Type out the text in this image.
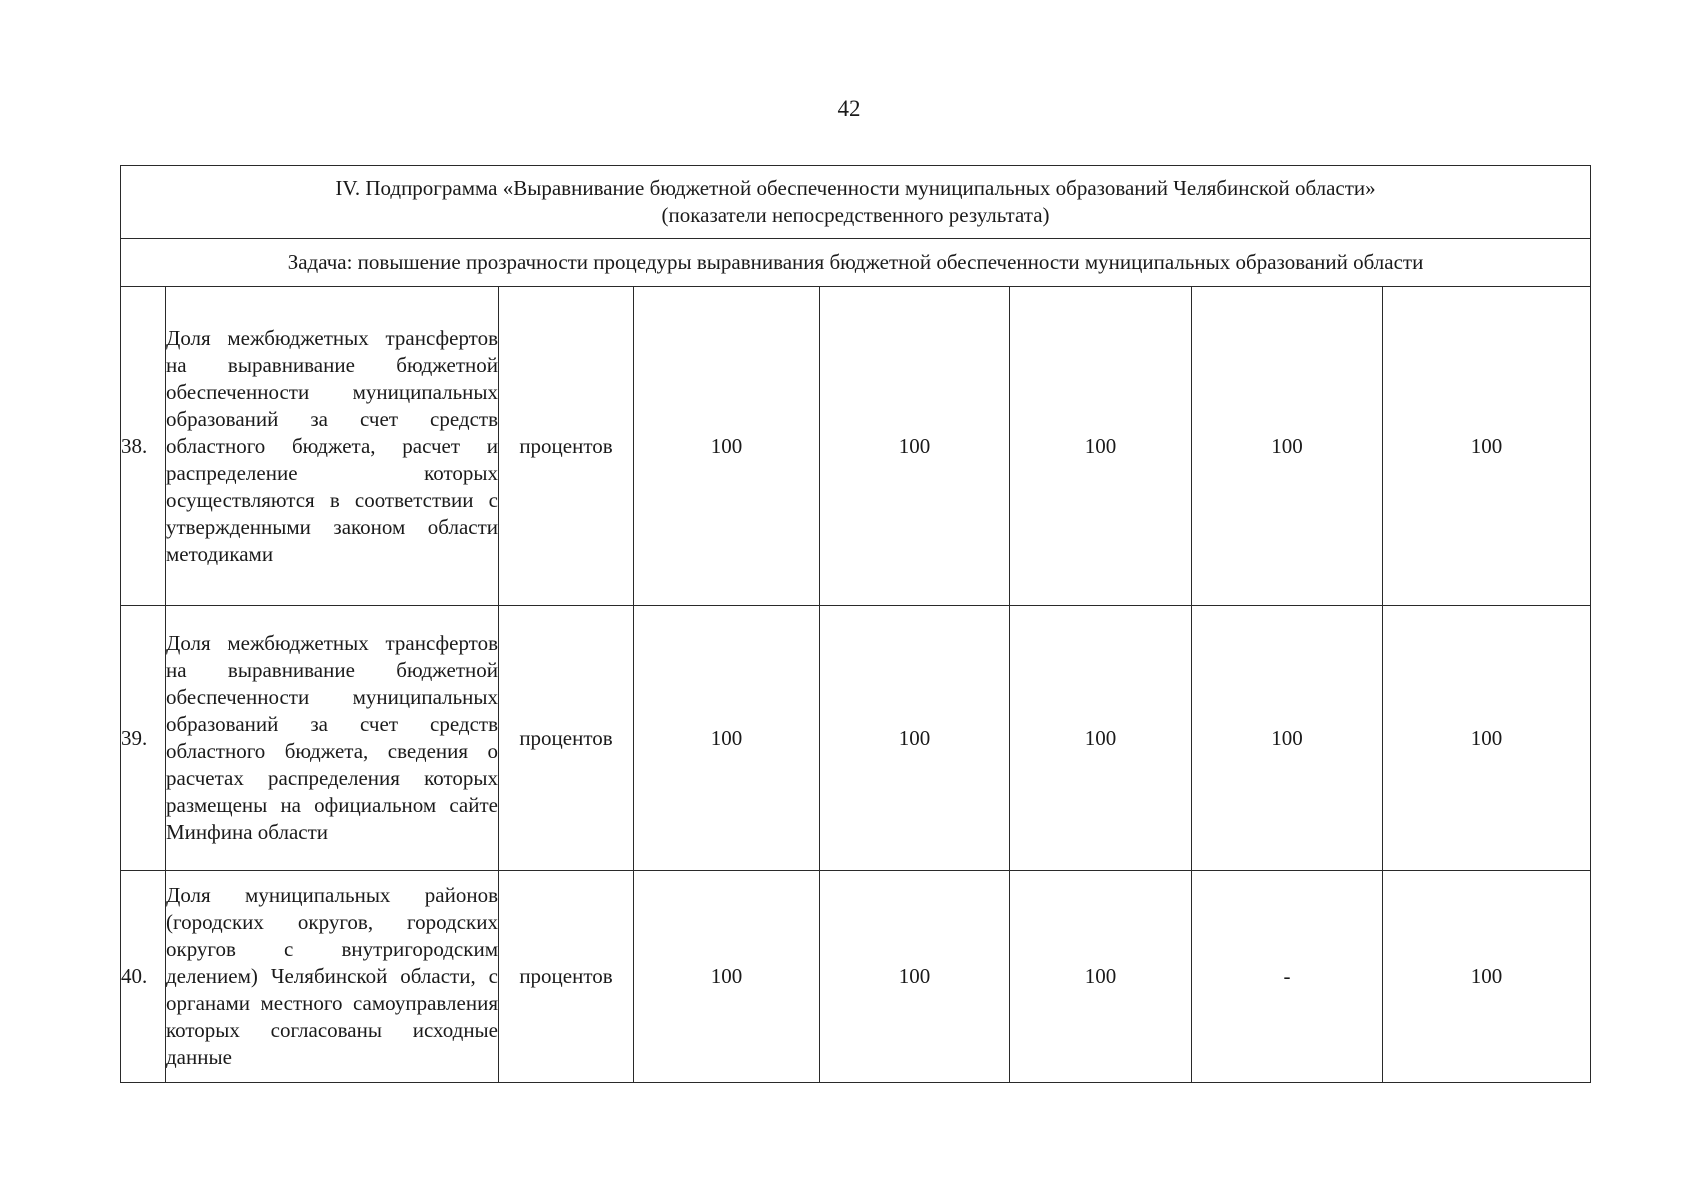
42
IV. Подпрограмма «Выравнивание бюджетной обеспеченности муниципальных образований Челябинской области»
(показатели непосредственного результата)							

Задача: повышение прозрачности процедуры выравнивания бюджетной обеспеченности муниципальных образований области							
38.	Доля межбюджетных трансфертов на выравнивание бюджетной обеспеченности муниципальных образований за счет средств областного бюджета, расчет и распределение которых осуществляются в соответствии с утвержденными законом области методиками	процентов	100	100	100	100	100
39.	Доля межбюджетных трансфертов на выравнивание бюджетной обеспеченности муниципальных образований за счет средств областного бюджета, сведения о расчетах распределения которых размещены на официальном сайте Минфина области	процентов	100	100	100	100	100
40.	Доля муниципальных районов (городских округов, городских округов с внутригородским делением) Челябинской области, с органами местного самоуправления которых согласованы исходные данные	процентов	100	100	100	-	100
